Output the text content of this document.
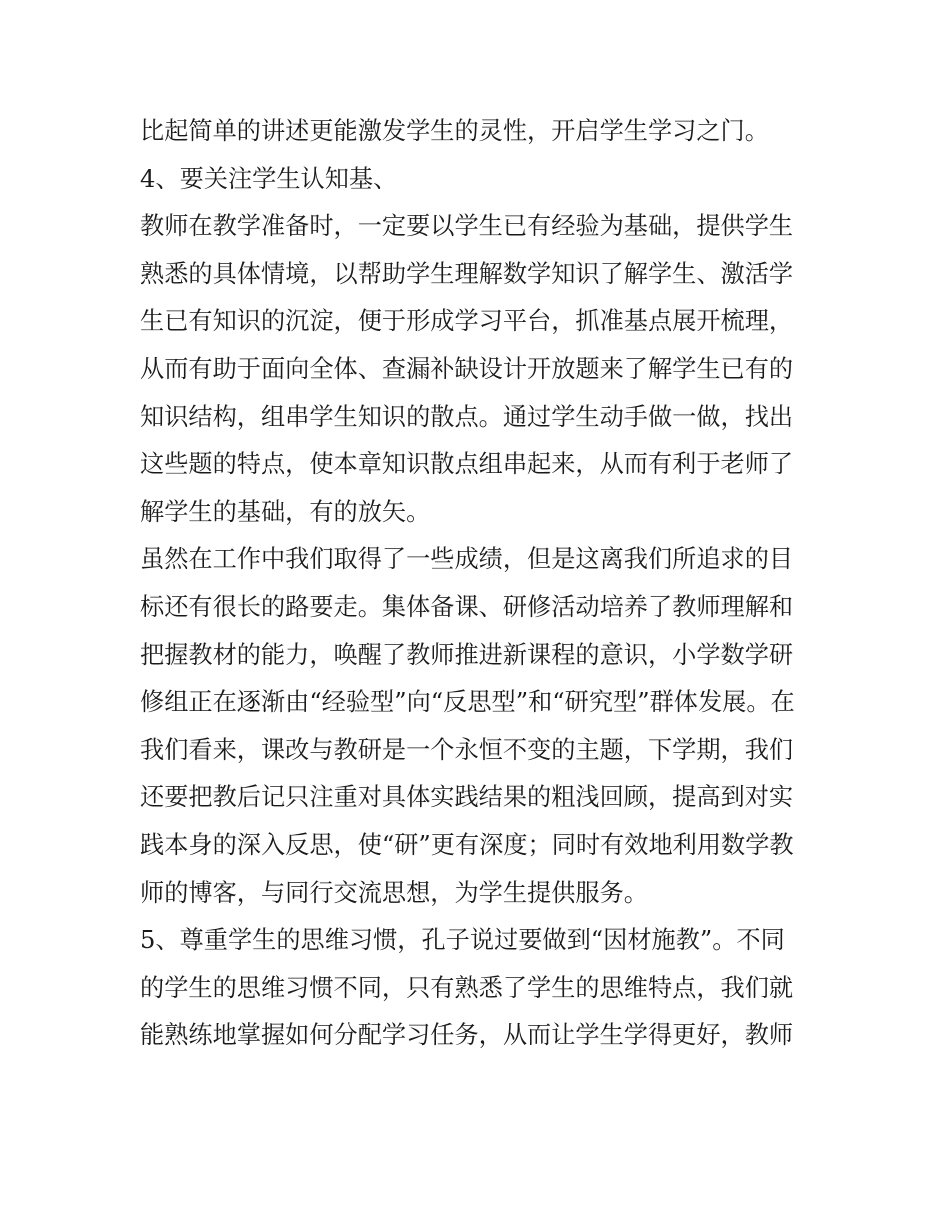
比起简单的讲述更能激发学生的灵性，开启学生学习之门。
4、要关注学生认知基、
教师在教学准备时，一定要以学生已有经验为基础，提供学生
熟悉的具体情境，以帮助学生理解数学知识了解学生、激活学
生已有知识的沉淀，便于形成学习平台，抓准基点展开梳理，
从而有助于面向全体、查漏补缺设计开放题来了解学生已有的
知识结构，组串学生知识的散点。通过学生动手做一做，找出
这些题的特点，使本章知识散点组串起来，从而有利于老师了
解学生的基础，有的放矢。
虽然在工作中我们取得了一些成绩，但是这离我们所追求的目
标还有很长的路要走。集体备课、研修活动培养了教师理解和
把握教材的能力，唤醒了教师推进新课程的意识，小学数学研
修组正在逐渐由“经验型”向“反思型”和“研究型”群体发展。在
我们看来，课改与教研是一个永恒不变的主题，下学期，我们
还要把教后记只注重对具体实践结果的粗浅回顾，提高到对实
践本身的深入反思，使“研”更有深度；同时有效地利用数学教
师的博客，与同行交流思想，为学生提供服务。
5、尊重学生的思维习惯，孔子说过要做到“因材施教”。不同
的学生的思维习惯不同，只有熟悉了学生的思维特点，我们就
能熟练地掌握如何分配学习任务，从而让学生学得更好，教师
